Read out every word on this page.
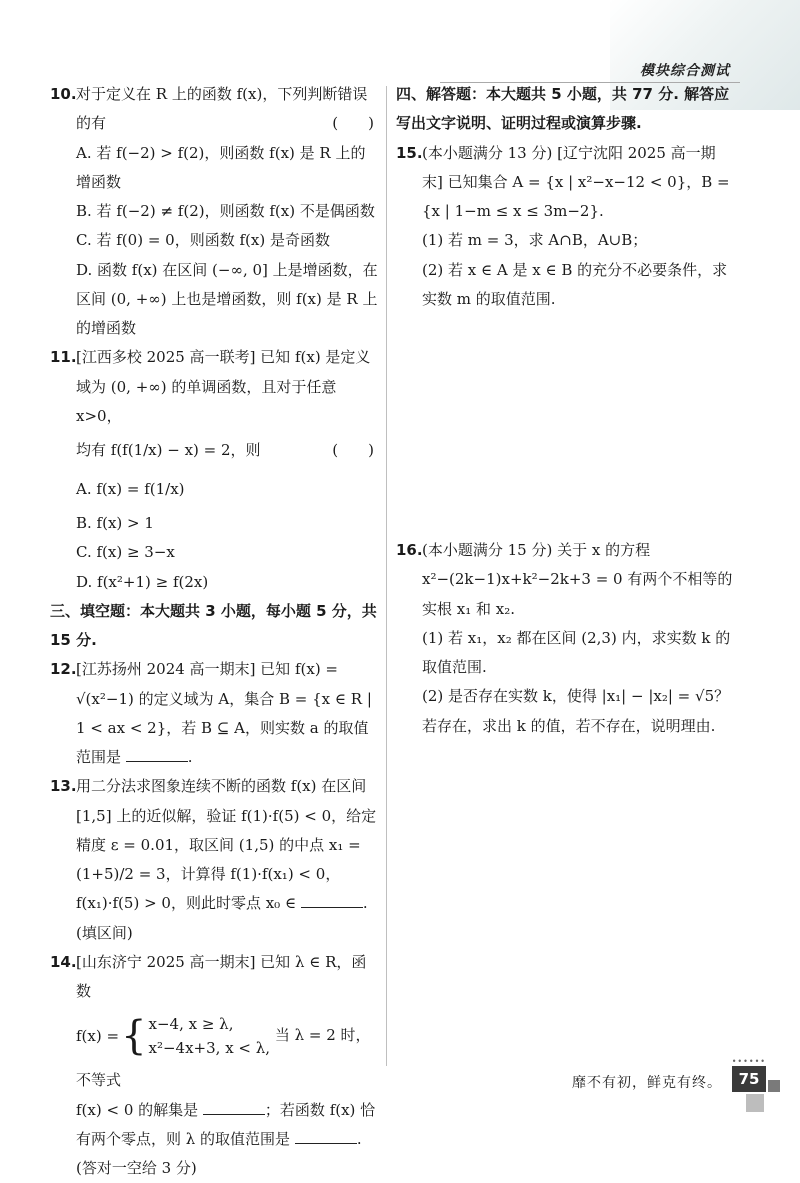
模块综合测试

10. 对于定义在 R 上的函数 f(x)，下列判断错误的有	(　　)

A. 若 f(−2) > f(2)，则函数 f(x) 是 R 上的增函数

B. 若 f(−2) ≠ f(2)，则函数 f(x) 不是偶函数

C. 若 f(0) = 0，则函数 f(x) 是奇函数

D. 函数 f(x) 在区间 (−∞, 0] 上是增函数，在区间 (0, +∞) 上也是增函数，则 f(x) 是 R 上的增函数

11. [江西多校 2025 高一联考] 已知 f(x) 是定义域为 (0, +∞) 的单调函数，且对于任意 x>0，

均有 f(f(1/x) − x) = 2，则	(　　)

A. f(x) = f(1/x)

B. f(x) > 1

C. f(x) ≥ 3−x

D. f(x²+1) ≥ f(2x)

三、填空题：本大题共 3 小题，每小题 5 分，共 15 分.

12. [江苏扬州 2024 高一期末] 已知 f(x) = √(x²−1) 的定义域为 A，集合 B = {x ∈ R | 1 < ax < 2}，若 B ⊆ A，则实数 a 的取值范围是	.

13. 用二分法求图象连续不断的函数 f(x) 在区间 [1,5] 上的近似解，验证 f(1)·f(5) < 0，给定精度 ε = 0.01，取区间 (1,5) 的中点 x₁ = (1+5)/2 = 3，计算得 f(1)·f(x₁) < 0，f(x₁)·f(5) > 0，则此时零点 x₀ ∈	. (填区间)

14. [山东济宁 2025 高一期末] 已知 λ ∈ R，函数

f(x) = { x−4, x ≥ λ,
x²−4x+3, x < λ,
当 λ = 2 时，不等式
f(x) < 0 的解集是	；若函数 f(x) 恰有两个零点，则 λ 的取值范围是	. (答对一空给 3 分)

四、解答题：本大题共 5 小题，共 77 分. 解答应写出文字说明、证明过程或演算步骤.

15. (本小题满分 13 分) [辽宁沈阳 2025 高一期末] 已知集合 A = {x | x²−x−12 < 0}，B = {x | 1−m ≤ x ≤ 3m−2}.

(1) 若 m = 3，求 A∩B，A∪B；

(2) 若 x ∈ A 是 x ∈ B 的充分不必要条件，求实数 m 的取值范围.

16. (本小题满分 15 分) 关于 x 的方程 x²−(2k−1)x+k²−2k+3 = 0 有两个不相等的实根 x₁ 和 x₂.

(1) 若 x₁，x₂ 都在区间 (2,3) 内，求实数 k 的取值范围.

(2) 是否存在实数 k，使得 |x₁| − |x₂| = √5？若存在，求出 k 的值，若不存在，说明理由.

••••••
靡不有初，鲜克有终。	75
